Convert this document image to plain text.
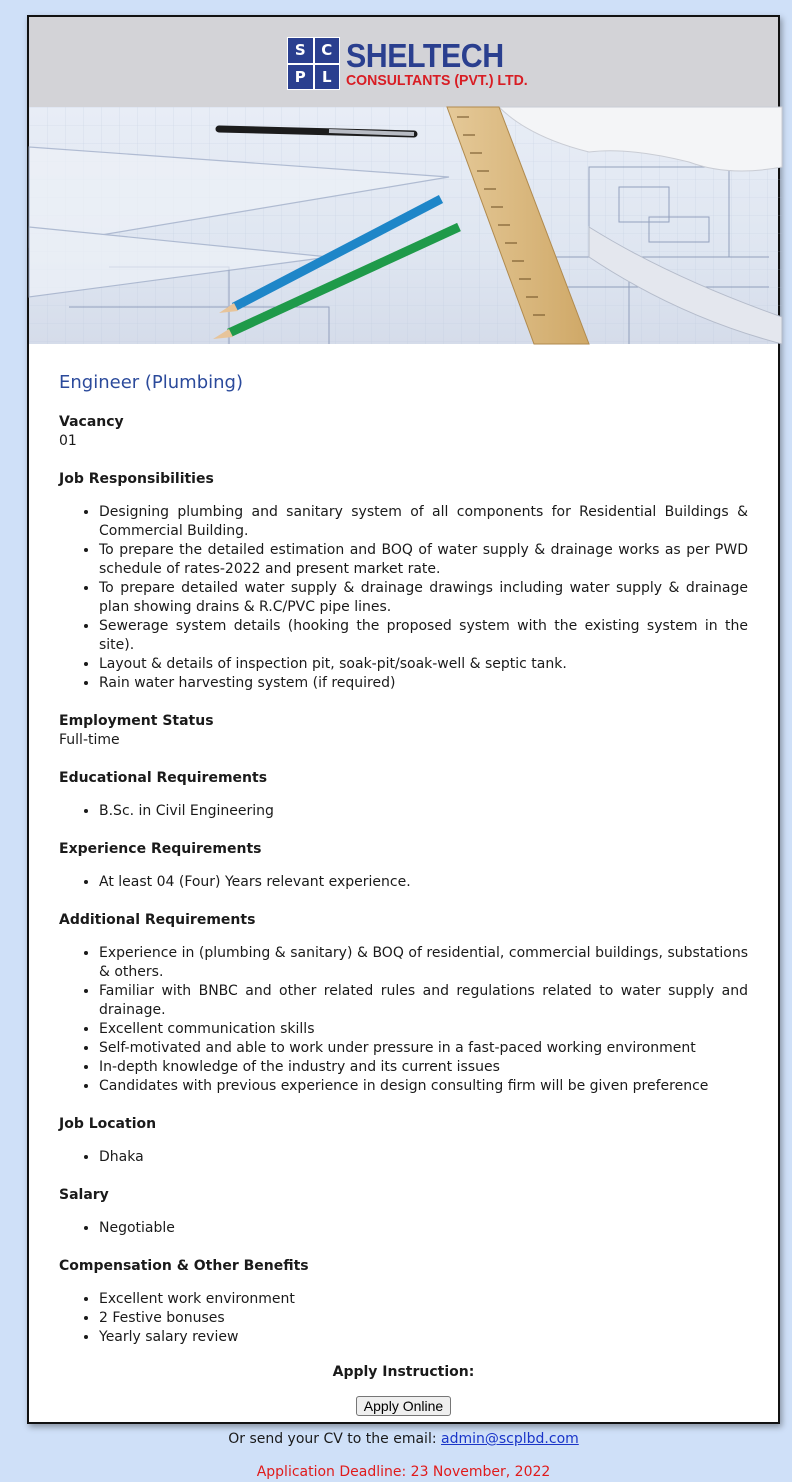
S	C
P	L
SHELTECH
CONSULTANTS (PVT.) LTD.
Engineer (Plumbing)
Vacancy
01
Job Responsibilities
• Designing plumbing and sanitary system of all components for Residential Buildings & Commercial Building.
• To prepare the detailed estimation and BOQ of water supply & drainage works as per PWD schedule of rates-2022 and present market rate.
• To prepare detailed water supply & drainage drawings including water supply & drainage plan showing drains & R.C/PVC pipe lines.
• Sewerage system details (hooking the proposed system with the existing system in the site).
• Layout & details of inspection pit, soak-pit/soak-well & septic tank.
• Rain water harvesting system (if required)
Employment Status
Full-time
Educational Requirements
• B.Sc. in Civil Engineering
Experience Requirements
• At least 04 (Four) Years relevant experience.
Additional Requirements
• Experience in (plumbing & sanitary) & BOQ of residential, commercial buildings, substations & others.
• Familiar with BNBC and other related rules and regulations related to water supply and drainage.
• Excellent communication skills
• Self-motivated and able to work under pressure in a fast-paced working environment
• In-depth knowledge of the industry and its current issues
• Candidates with previous experience in design consulting firm will be given preference
Job Location
• Dhaka
Salary
• Negotiable
Compensation & Other Benefits
• Excellent work environment
• 2 Festive bonuses
• Yearly salary review
Apply Instruction:
Apply Online
Or send your CV to the email: admin@scplbd.com
Application Deadline: 23 November, 2022
